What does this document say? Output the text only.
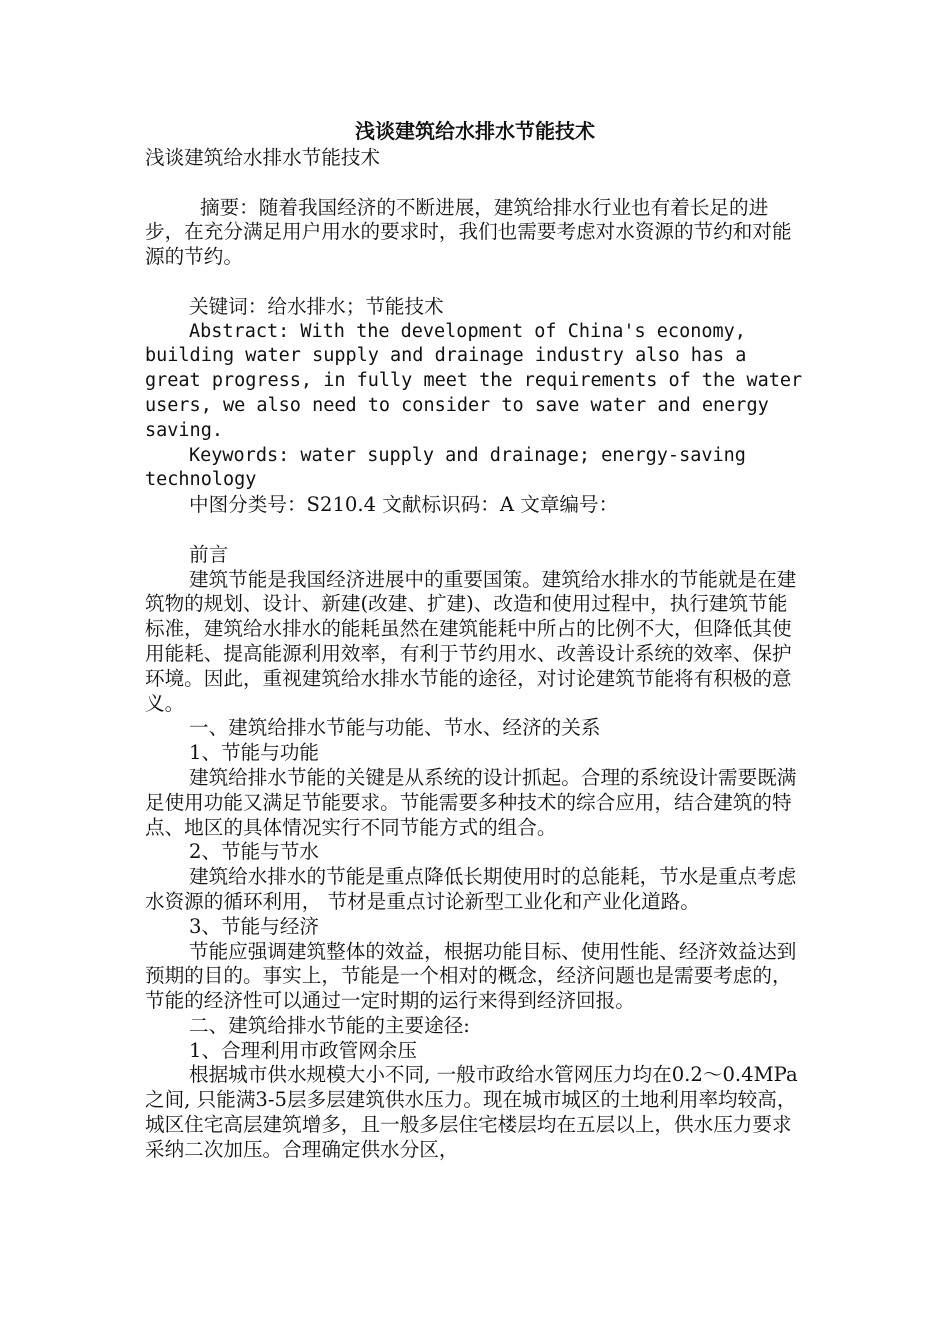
浅谈建筑给水排水节能技术

浅谈建筑给水排水节能技术

摘要：随着我国经济的不断进展，建筑给排水行业也有着长足的进步，在充分满足用户用水的要求时，我们也需要考虑对水资源的节约和对能源的节约。

关键词：给水排水；节能技术

Abstract: With the development of China's economy, building water supply and drainage industry also has a great progress, in fully meet the requirements of the water users, we also need to consider to save water and energy saving.

Keywords: water supply and drainage; energy-saving technology

中图分类号：S210.4 文献标识码：A 文章编号：

前言

建筑节能是我国经济进展中的重要国策。建筑给水排水的节能就是在建筑物的规划、设计、新建(改建、扩建)、改造和使用过程中，执行建筑节能标准，建筑给水排水的能耗虽然在建筑能耗中所占的比例不大，但降低其使用能耗、提高能源利用效率，有利于节约用水、改善设计系统的效率、保护环境。因此，重视建筑给水排水节能的途径，对讨论建筑节能将有积极的意义。

一、建筑给排水节能与功能、节水、经济的关系

1、节能与功能

建筑给排水节能的关键是从系统的设计抓起。合理的系统设计需要既满足使用功能又满足节能要求。节能需要多种技术的综合应用，结合建筑的特点、地区的具体情况实行不同节能方式的组合。

2、节能与节水

建筑给水排水的节能是重点降低长期使用时的总能耗，节水是重点考虑水资源的循环利用， 节材是重点讨论新型工业化和产业化道路。

3、节能与经济

节能应强调建筑整体的效益，根据功能目标、使用性能、经济效益达到预期的目的。事实上，节能是一个相对的概念，经济问题也是需要考虑的，节能的经济性可以通过一定时期的运行来得到经济回报。

二、建筑给排水节能的主要途径:

1、合理利用市政管网余压

根据城市供水规模大小不同, 一般市政给水管网压力均在0.2～0.4MPa之间, 只能满3-5层多层建筑供水压力。现在城市城区的土地利用率均较高，城区住宅高层建筑增多，且一般多层住宅楼层均在五层以上，供水压力要求采纳二次加压。合理确定供水分区，
